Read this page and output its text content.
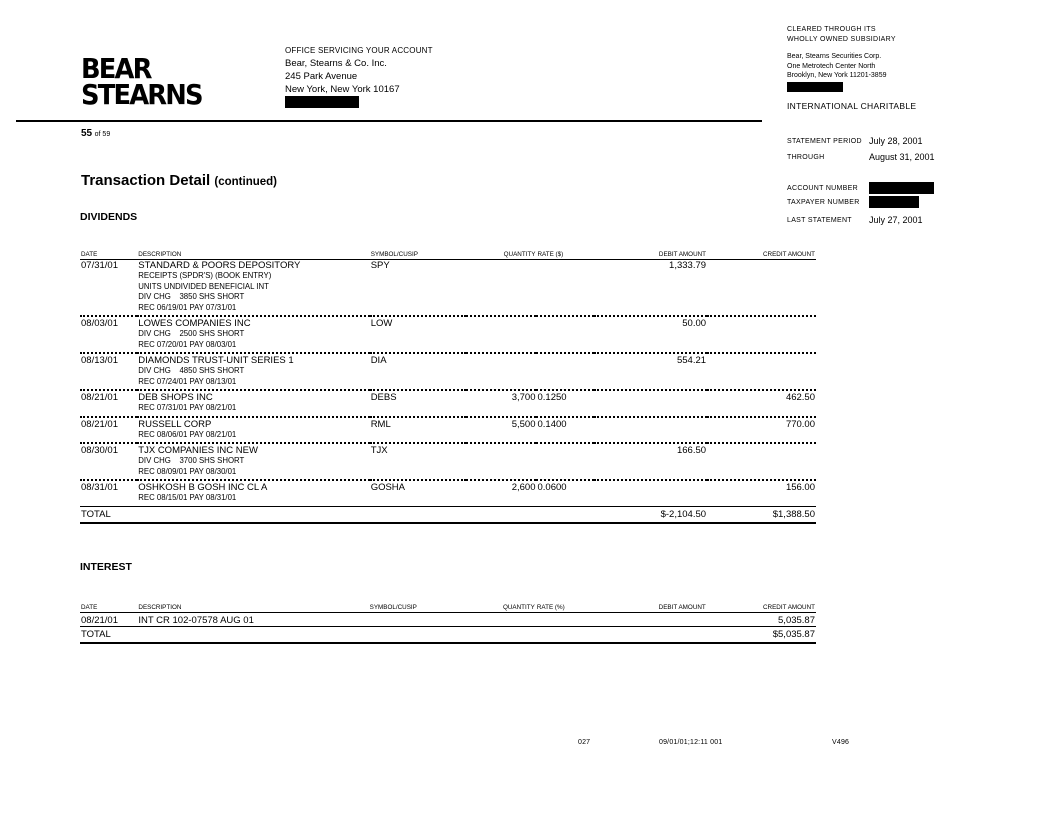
BEAR
STEARNS
OFFICE SERVICING YOUR ACCOUNT
Bear, Stearns & Co. Inc.
245 Park Avenue
New York, New York 10167
CLEARED THROUGH ITS
WHOLLY OWNED SUBSIDIARY
Bear, Stearns Securities Corp.
One Metrotech Center North
Brooklyn, New York 11201-3859
INTERNATIONAL CHARITABLE
55 of 59
STATEMENT PERIOD July 28, 2001
THROUGH	August 31, 2001
ACCOUNT NUMBER
TAXPAYER NUMBER
LAST STATEMENT July 27, 2001
Transaction Detail (continued)
DIVIDENDS
DATE	DESCRIPTION	SYMBOL/CUSIP	QUANTITY	RATE ($)	DEBIT AMOUNT	CREDIT AMOUNT
07/31/01	STANDARD & POORS DEPOSITORY
RECEIPTS (SPDR'S) (BOOK ENTRY)
UNITS UNDIVIDED BENEFICIAL INT
DIV CHG    3850 SHS SHORT
REC 06/19/01 PAY 07/31/01	SPY			1,333.79	
08/03/01	LOWES COMPANIES INC
DIV CHG    2500 SHS SHORT
REC 07/20/01 PAY 08/03/01	LOW			50.00	
08/13/01	DIAMONDS TRUST-UNIT SERIES 1
DIV CHG    4850 SHS SHORT
REC 07/24/01 PAY 08/13/01	DIA			554.21	
08/21/01	DEB SHOPS INC
REC 07/31/01 PAY 08/21/01	DEBS	3,700	0.1250		462.50
08/21/01	RUSSELL CORP
REC 08/06/01 PAY 08/21/01	RML	5,500	0.1400		770.00
08/30/01	TJX COMPANIES INC NEW
DIV CHG    3700 SHS SHORT
REC 08/09/01 PAY 08/30/01	TJX			166.50	
08/31/01	OSHKOSH B GOSH INC CL A
REC 08/15/01 PAY 08/31/01	GOSHA	2,600	0.0600		156.00
TOTAL					$-2,104.50	$1,388.50
INTEREST
DATE	DESCRIPTION	SYMBOL/CUSIP	QUANTITY	RATE (%)	DEBIT AMOUNT	CREDIT AMOUNT
08/21/01	INT CR 102-07578 AUG 01					5,035.87
TOTAL						$5,035.87
027	09/01/01;12:11 001	V496
